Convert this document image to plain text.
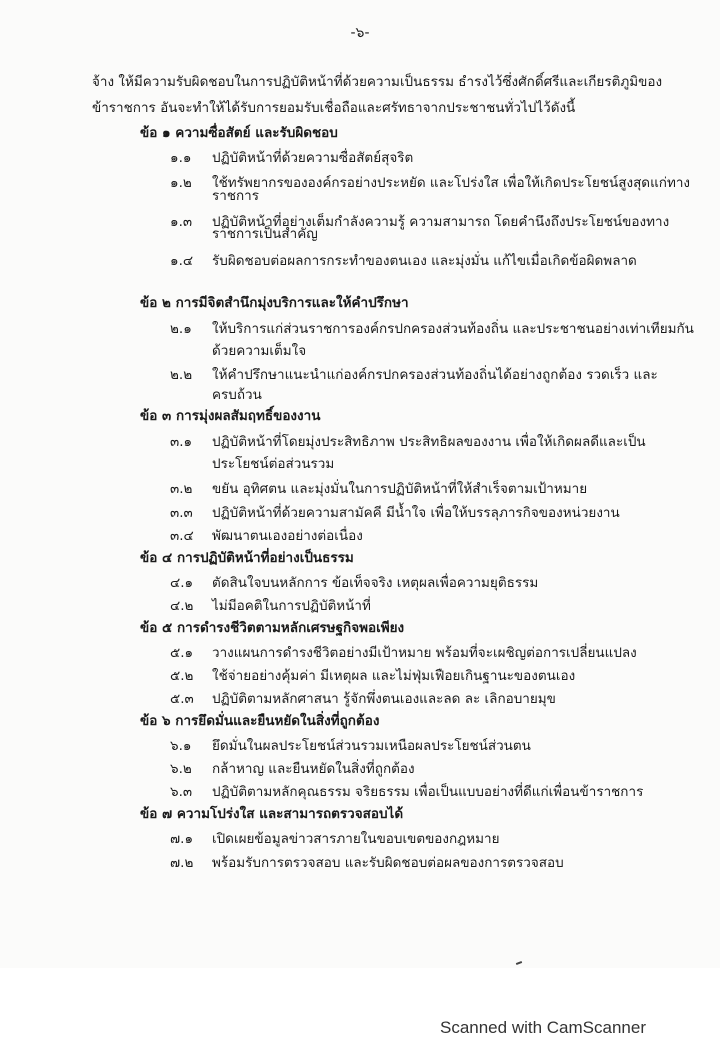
-๖-
จ้าง ให้มีความรับผิดชอบในการปฏิบัติหน้าที่ด้วยความเป็นธรรม ธำรงไว้ซึ่งศักดิ์ศรีและเกียรติภูมิของ
ข้าราชการ อันจะทำให้ได้รับการยอมรับเชื่อถือและศรัทธาจากประชาชนทั่วไปไว้ดังนี้
ข้อ ๑ ความซื่อสัตย์ และรับผิดชอบ
๑.๑	ปฏิบัติหน้าที่ด้วยความซื่อสัตย์สุจริต
๑.๒	ใช้ทรัพยากรขององค์กรอย่างประหยัด และโปร่งใส เพื่อให้เกิดประโยชน์สูงสุดแก่ทาง
ราชการ
๑.๓	ปฏิบัติหน้าที่อย่างเต็มกำลังความรู้ ความสามารถ โดยคำนึงถึงประโยชน์ของทาง
ราชการเป็นสำคัญ
๑.๔	รับผิดชอบต่อผลการกระทำของตนเอง และมุ่งมั่น แก้ไขเมื่อเกิดข้อผิดพลาด
ข้อ ๒ การมีจิตสำนึกมุ่งบริการและให้คำปรึกษา
๒.๑	ให้บริการแก่ส่วนราชการองค์กรปกครองส่วนท้องถิ่น และประชาชนอย่างเท่าเทียมกัน
ด้วยความเต็มใจ
๒.๒	ให้คำปรึกษาแนะนำแก่องค์กรปกครองส่วนท้องถิ่นได้อย่างถูกต้อง รวดเร็ว และ
ครบถ้วน
ข้อ ๓ การมุ่งผลสัมฤทธิ์ของงาน
๓.๑	ปฏิบัติหน้าที่โดยมุ่งประสิทธิภาพ ประสิทธิผลของงาน เพื่อให้เกิดผลดีและเป็น
ประโยชน์ต่อส่วนรวม
๓.๒	ขยัน อุทิศตน และมุ่งมั่นในการปฏิบัติหน้าที่ให้สำเร็จตามเป้าหมาย
๓.๓	ปฏิบัติหน้าที่ด้วยความสามัคคี มีน้ำใจ เพื่อให้บรรลุภารกิจของหน่วยงาน
๓.๔	พัฒนาตนเองอย่างต่อเนื่อง
ข้อ ๔ การปฏิบัติหน้าที่อย่างเป็นธรรม
๔.๑	ตัดสินใจบนหลักการ ข้อเท็จจริง เหตุผลเพื่อความยุติธรรม
๔.๒	ไม่มีอคติในการปฏิบัติหน้าที่
ข้อ ๕ การดำรงชีวิตตามหลักเศรษฐกิจพอเพียง
๕.๑	วางแผนการดำรงชีวิตอย่างมีเป้าหมาย พร้อมที่จะเผชิญต่อการเปลี่ยนแปลง
๕.๒	ใช้จ่ายอย่างคุ้มค่า มีเหตุผล และไม่ฟุ่มเฟือยเกินฐานะของตนเอง
๕.๓	ปฏิบัติตามหลักศาสนา รู้จักพึ่งตนเองและลด ละ เลิกอบายมุข
ข้อ ๖ การยึดมั่นและยืนหยัดในสิ่งที่ถูกต้อง
๖.๑	ยึดมั่นในผลประโยชน์ส่วนรวมเหนือผลประโยชน์ส่วนตน
๖.๒	กล้าหาญ และยืนหยัดในสิ่งที่ถูกต้อง
๖.๓	ปฏิบัติตามหลักคุณธรรม จริยธรรม เพื่อเป็นแบบอย่างที่ดีแก่เพื่อนข้าราชการ
ข้อ ๗ ความโปร่งใส และสามารถตรวจสอบได้
๗.๑	เปิดเผยข้อมูลข่าวสารภายในขอบเขตของกฎหมาย
๗.๒	พร้อมรับการตรวจสอบ และรับผิดชอบต่อผลของการตรวจสอบ
Scanned with CamScanner
